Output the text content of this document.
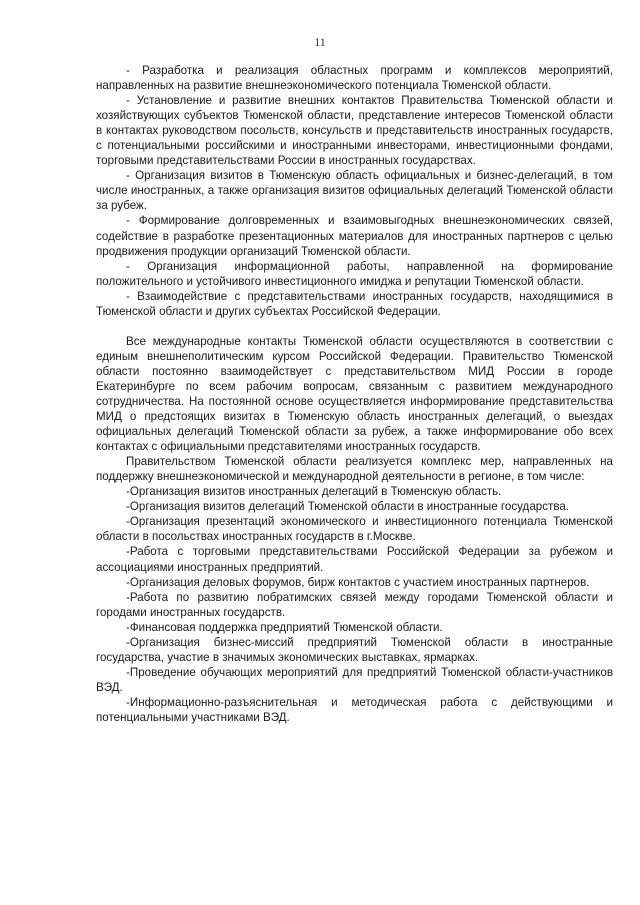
11

- Разработка и реализация областных программ и комплексов мероприятий, направленных на развитие внешнеэкономического потенциала Тюменской области.

- Установление и развитие внешних контактов Правительства Тюменской области и хозяйствующих субъектов Тюменской области, представление интересов Тюменской области в контактах руководством посольств, консульств и представительств иностранных государств, с потенциальными российскими и иностранными инвесторами, инвестиционными фондами, торговыми представительствами России в иностранных государствах.

- Организация визитов в Тюменскую область официальных и бизнес-делегаций, в том числе иностранных, а также организация визитов официальных делегаций Тюменской области за рубеж.

- Формирование долговременных и взаимовыгодных внешнеэкономических связей, содействие в разработке презентационных материалов для иностранных партнеров с целью продвижения продукции организаций Тюменской области.

- Организация информационной работы, направленной на формирование положительного и устойчивого инвестиционного имиджа и репутации Тюменской области.

- Взаимодействие с представительствами иностранных государств, находящимися в Тюменской области и других субъектах Российской Федерации.

Все международные контакты Тюменской области осуществляются в соответствии с единым внешнеполитическим курсом Российской Федерации. Правительство Тюменской области постоянно взаимодействует с представительством МИД России в городе Екатеринбурге по всем рабочим вопросам, связанным с развитием международного сотрудничества. На постоянной основе осуществляется информирование представительства МИД о предстоящих визитах в Тюменскую область иностранных делегаций, о выездах официальных делегаций Тюменской области за рубеж, а также информирование обо всех контактах с официальными представителями иностранных государств.

Правительством Тюменской области реализуется комплекс мер, направленных на поддержку внешнеэкономической и международной деятельности в регионе, в том числе:

-Организация визитов иностранных делегаций в Тюменскую область.

-Организация визитов делегаций Тюменской области в иностранные государства.

-Организация презентаций экономического и инвестиционного потенциала Тюменской области в посольствах иностранных государств в г.Москве.

-Работа с торговыми представительствами Российской Федерации за рубежом и ассоциациями иностранных предприятий.

-Организация деловых форумов, бирж контактов с участием иностранных партнеров.

-Работа по развитию побратимских связей между городами Тюменской области и городами иностранных государств.

-Финансовая поддержка предприятий Тюменской области.

-Организация бизнес-миссий предприятий Тюменской области в иностранные государства, участие в значимых экономических выставках, ярмарках.

-Проведение обучающих мероприятий для предприятий Тюменской области-участников ВЭД.

-Информационно-разъяснительная и методическая работа с действующими и потенциальными участниками ВЭД.
